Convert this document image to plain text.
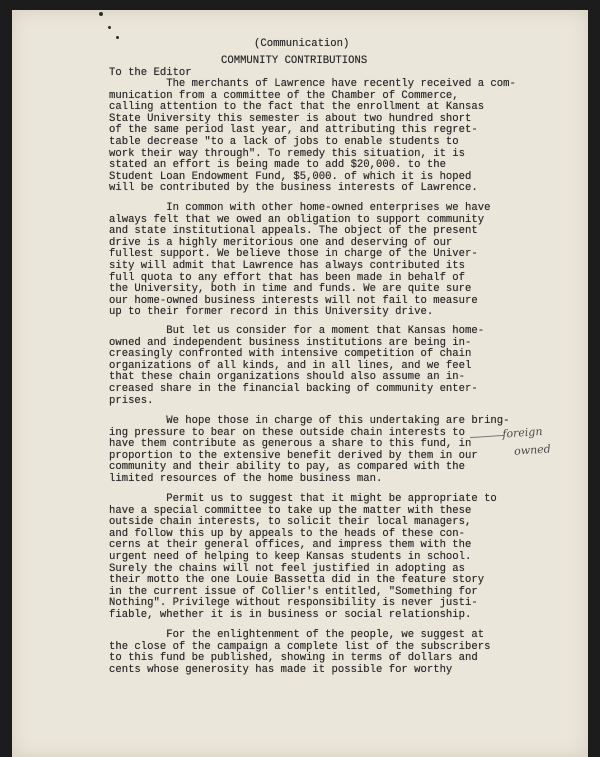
(Communication)

COMMUNITY CONTRIBUTIONS

To the Editor

The merchants of Lawrence have recently received a com-
munication from a committee of the Chamber of Commerce,
calling attention to the fact that the enrollment at Kansas
State University this semester is about two hundred short
of the same period last year, and attributing this regret-
table decrease "to a lack of jobs to enable students to
work their way through". To remedy this situation, it is
stated an effort is being made to add $20,000. to the
Student Loan Endowment Fund, $5,000. of which it is hoped
will be contributed by the business interests of Lawrence.

In common with other home-owned enterprises we have
always felt that we owed an obligation to support community
and state institutional appeals. The object of the present
drive is a highly meritorious one and deserving of our
fullest support. We believe those in charge of the Univer-
sity will admit that Lawrence has always contributed its
full quota to any effort that has been made in behalf of
the University, both in time and funds. We are quite sure
our home-owned business interests will not fail to measure
up to their former record in this University drive.

But let us consider for a moment that Kansas home-
owned and independent business institutions are being in-
creasingly confronted with intensive competition of chain
organizations of all kinds, and in all lines, and we feel
that these chain organizations should also assume an in-
creased share in the financial backing of community enter-
prises.

We hope those in charge of this undertaking are bring-
ing pressure to bear on these outside chain interests to
have them contribute as generous a share to this fund, in
proportion to the extensive benefit derived by them in our
community and their ability to pay, as compared with the
limited resources of the home business man.

Permit us to suggest that it might be appropriate to
have a special committee to take up the matter with these
outside chain interests, to solicit their local managers,
and follow this up by appeals to the heads of these con-
cerns at their general offices, and impress them with the
urgent need of helping to keep Kansas students in school.
Surely the chains will not feel justified in adopting as
their motto the one Louie Bassetta did in the feature story
in the current issue of Collier's entitled, "Something for
Nothing". Privilege without responsibility is never justi-
fiable, whether it is in business or social relationship.

For the enlightenment of the people, we suggest at
the close of the campaign a complete list of the subscribers
to this fund be published, showing in terms of dollars and
cents whose generosity has made it possible for worthy

foreign
owned
